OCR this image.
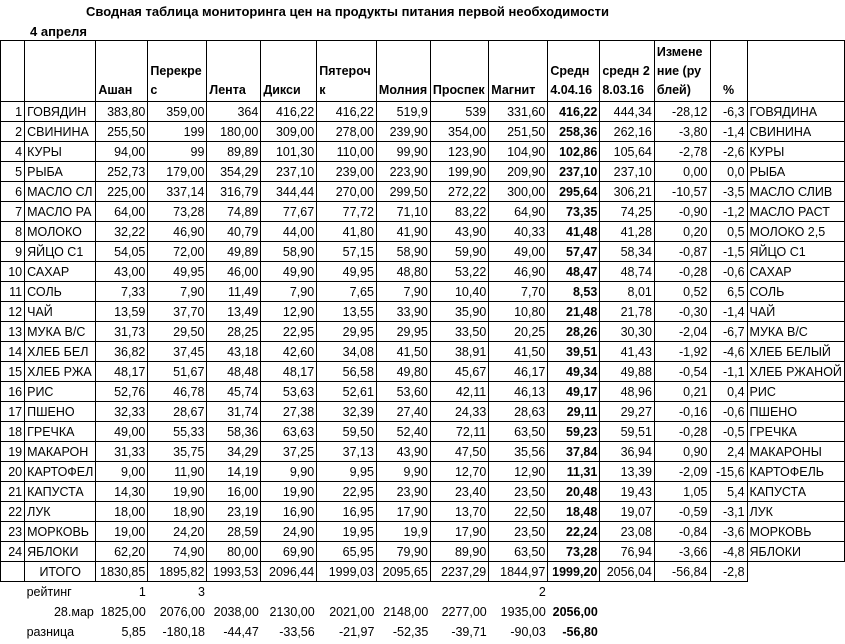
Сводная таблица мониторинга цен на продукты питания первой необходимости
4 апреля
		Ашан	Перекрес	Лента	Дикси	Пятерочк	Молния	Проспек	Магнит	Средн 4.04.16	средн 28.03.16	Изменение (рублей)	%	
1	ГОВЯДИН	383,80	359,00	364	416,22	416,22	519,9	539	331,60	416,22	444,34	-28,12	-6,3	ГОВЯДИНА
2	СВИНИНА	255,50	199	180,00	309,00	278,00	239,90	354,00	251,50	258,36	262,16	-3,80	-1,4	СВИНИНА
4	КУРЫ	94,00	99	89,89	101,30	110,00	99,90	123,90	104,90	102,86	105,64	-2,78	-2,6	КУРЫ
5	РЫБА	252,73	179,00	354,29	237,10	239,00	223,90	199,90	209,90	237,10	237,10	0,00	0,0	РЫБА
6	МАСЛО СЛ	225,00	337,14	316,79	344,44	270,00	299,50	272,22	300,00	295,64	306,21	-10,57	-3,5	МАСЛО СЛИВ
7	МАСЛО РА	64,00	73,28	74,89	77,67	77,72	71,10	83,22	64,90	73,35	74,25	-0,90	-1,2	МАСЛО РАСТ
8	МОЛОКО	32,22	46,90	40,79	44,00	41,80	41,90	43,90	40,33	41,48	41,28	0,20	0,5	МОЛОКО 2,5
9	ЯЙЦО С1	54,05	72,00	49,89	58,90	57,15	58,90	59,90	49,00	57,47	58,34	-0,87	-1,5	ЯЙЦО С1
10	САХАР	43,00	49,95	46,00	49,90	49,95	48,80	53,22	46,90	48,47	48,74	-0,28	-0,6	САХАР
11	СОЛЬ	7,33	7,90	11,49	7,90	7,65	7,90	10,40	7,70	8,53	8,01	0,52	6,5	СОЛЬ
12	ЧАЙ	13,59	37,70	13,49	12,90	13,55	33,90	35,90	10,80	21,48	21,78	-0,30	-1,4	ЧАЙ
13	МУКА В/С	31,73	29,50	28,25	22,95	29,95	29,95	33,50	20,25	28,26	30,30	-2,04	-6,7	МУКА В/С
14	ХЛЕБ БЕЛ	36,82	37,45	43,18	42,60	34,08	41,50	38,91	41,50	39,51	41,43	-1,92	-4,6	ХЛЕБ БЕЛЫЙ
15	ХЛЕБ РЖА	48,17	51,67	48,48	48,17	56,58	49,80	45,67	46,17	49,34	49,88	-0,54	-1,1	ХЛЕБ РЖАНОЙ
16	РИС	52,76	46,78	45,74	53,63	52,61	53,60	42,11	46,13	49,17	48,96	0,21	0,4	РИС
17	ПШЕНО	32,33	28,67	31,74	27,38	32,39	27,40	24,33	28,63	29,11	29,27	-0,16	-0,6	ПШЕНО
18	ГРЕЧКА	49,00	55,33	58,36	63,63	59,50	52,40	72,11	63,50	59,23	59,51	-0,28	-0,5	ГРЕЧКА
19	МАКАРОН	31,33	35,75	34,29	37,25	37,13	43,90	47,50	35,56	37,84	36,94	0,90	2,4	МАКАРОНЫ
20	КАРТОФЕЛ	9,00	11,90	14,19	9,90	9,95	9,90	12,70	12,90	11,31	13,39	-2,09	-15,6	КАРТОФЕЛЬ
21	КАПУСТА	14,30	19,90	16,00	19,90	22,95	23,90	23,40	23,50	20,48	19,43	1,05	5,4	КАПУСТА
22	ЛУК	18,00	18,90	23,19	16,90	16,95	17,90	13,70	22,50	18,48	19,07	-0,59	-3,1	ЛУК
23	МОРКОВЬ	19,00	24,20	28,59	24,90	19,95	19,9	17,90	23,50	22,24	23,08	-0,84	-3,6	МОРКОВЬ
24	ЯБЛОКИ	62,20	74,90	80,00	69,90	65,95	79,90	89,90	63,50	73,28	76,94	-3,66	-4,8	ЯБЛОКИ
	ИТОГО	1830,85	1895,82	1993,53	2096,44	1999,03	2095,65	2237,29	1844,97	1999,20	2056,04	-56,84	-2,8	
	рейтинг	1	3						2					
	28.мар	1825,00	2076,00	2038,00	2130,00	2021,00	2148,00	2277,00	1935,00	2056,00				
	разница	5,85	-180,18	-44,47	-33,56	-21,97	-52,35	-39,71	-90,03	-56,80				
